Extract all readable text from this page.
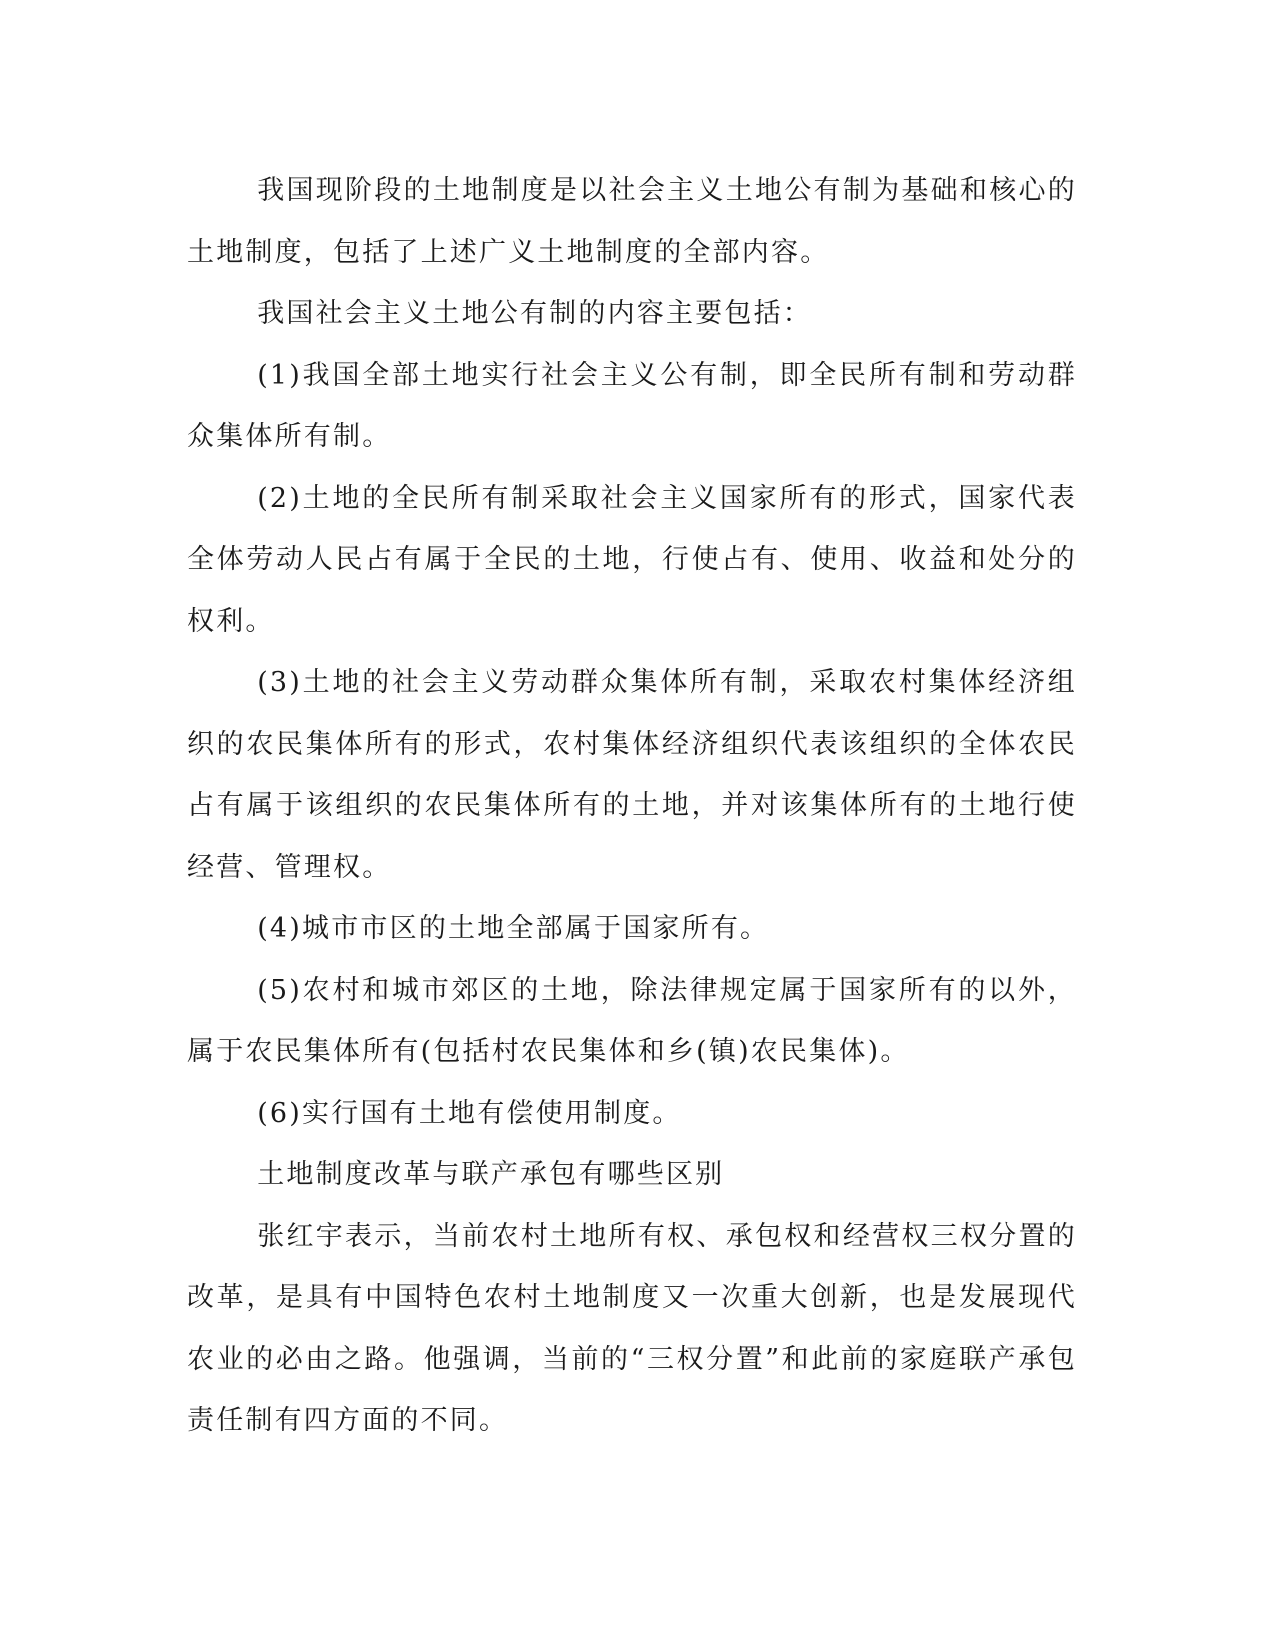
我国现阶段的土地制度是以社会主义土地公有制为基础和核心的土地制度，包括了上述广义土地制度的全部内容。

我国社会主义土地公有制的内容主要包括：

(1)我国全部土地实行社会主义公有制，即全民所有制和劳动群众集体所有制。

(2)土地的全民所有制采取社会主义国家所有的形式，国家代表全体劳动人民占有属于全民的土地，行使占有、使用、收益和处分的权利。

(3)土地的社会主义劳动群众集体所有制，采取农村集体经济组织的农民集体所有的形式，农村集体经济组织代表该组织的全体农民占有属于该组织的农民集体所有的土地，并对该集体所有的土地行使经营、管理权。

(4)城市市区的土地全部属于国家所有。

(5)农村和城市郊区的土地，除法律规定属于国家所有的以外，属于农民集体所有(包括村农民集体和乡(镇)农民集体)。

(6)实行国有土地有偿使用制度。

土地制度改革与联产承包有哪些区别

张红宇表示，当前农村土地所有权、承包权和经营权三权分置的改革，是具有中国特色农村土地制度又一次重大创新，也是发展现代农业的必由之路。他强调，当前的“三权分置”和此前的家庭联产承包责任制有四方面的不同。
